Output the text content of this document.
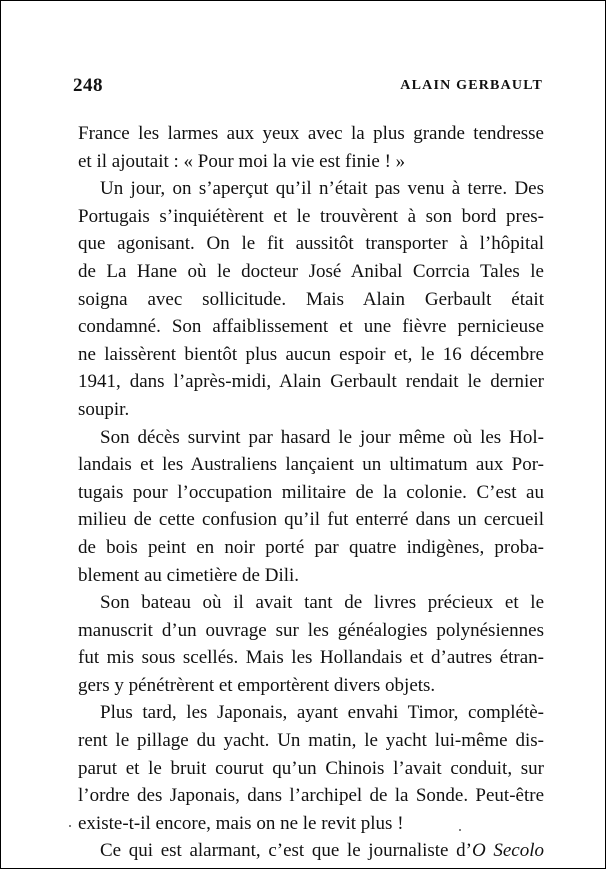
248	ALAIN GERBAULT
France les larmes aux yeux avec la plus grande tendresse
et il ajoutait : « Pour moi la vie est finie ! »
Un jour, on s’aperçut qu’il n’était pas venu à terre. Des
Portugais s’inquiétèrent et le trouvèrent à son bord pres-
que agonisant. On le fit aussitôt transporter à l’hôpital
de La Hane où le docteur José Anibal Corrcia Tales le
soigna avec sollicitude. Mais Alain Gerbault était
condamné. Son affaiblissement et une fièvre pernicieuse
ne laissèrent bientôt plus aucun espoir et, le 16 décembre
1941, dans l’après-midi, Alain Gerbault rendait le dernier
soupir.
Son décès survint par hasard le jour même où les Hol-
landais et les Australiens lançaient un ultimatum aux Por-
tugais pour l’occupation militaire de la colonie. C’est au
milieu de cette confusion qu’il fut enterré dans un cercueil
de bois peint en noir porté par quatre indigènes, proba-
blement au cimetière de Dili.
Son bateau où il avait tant de livres précieux et le
manuscrit d’un ouvrage sur les généalogies polynésiennes
fut mis sous scellés. Mais les Hollandais et d’autres étran-
gers y pénétrèrent et emportèrent divers objets.
Plus tard, les Japonais, ayant envahi Timor, complétè-
rent le pillage du yacht. Un matin, le yacht lui-même dis-
parut et le bruit courut qu’un Chinois l’avait conduit, sur
l’ordre des Japonais, dans l’archipel de la Sonde. Peut-être
existe-t-il encore, mais on ne le revit plus !
Ce qui est alarmant, c’est que le journaliste d’O Secolo
